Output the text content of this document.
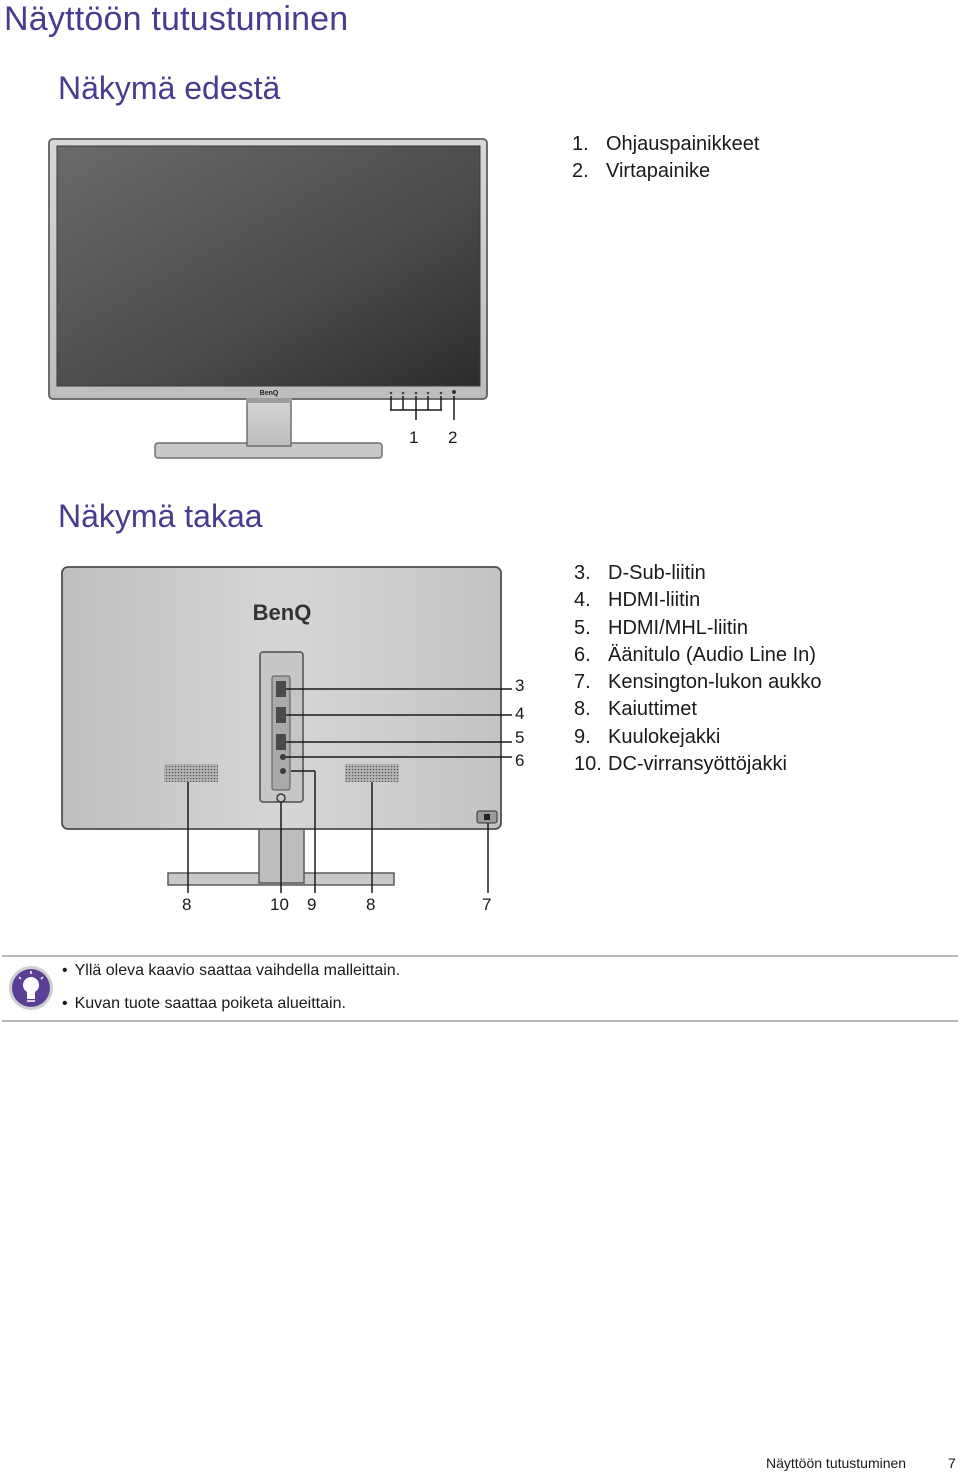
Näyttöön tutustuminen
Näkymä edestä
BenQ
BenQ
1. Ohjauspainikkeet
2. Virtapainike
1 2
Näkymä takaa
3. D-Sub-liitin
4. HDMI-liitin
5. HDMI/MHL-liitin
6. Äänitulo (Audio Line In)
7. Kensington-lukon aukko
8. Kaiuttimet
9. Kuulokejakki
10. DC-virransyöttöjakki
3
4
5
6
8	10 9	8	7
• Yllä oleva kaavio saattaa vaihdella malleittain.
• Kuvan tuote saattaa poiketa alueittain.
Näyttöön tutustuminen	7
